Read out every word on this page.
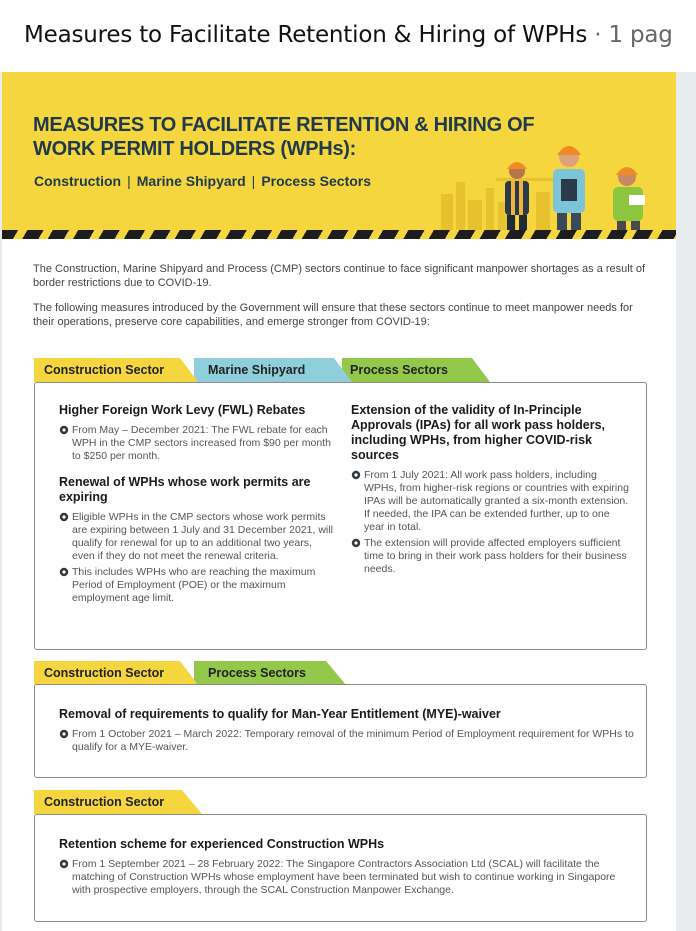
Measures to Facilitate Retention & Hiring of WPHs · 1 pag
MEASURES TO FACILITATE RETENTION & HIRING OF WORK PERMIT HOLDERS (WPHs):
Construction | Marine Shipyard | Process Sectors

The Construction, Marine Shipyard and Process (CMP) sectors continue to face significant manpower shortages as a result of border restrictions due to COVID-19.

The following measures introduced by the Government will ensure that these sectors continue to meet manpower needs for their operations, preserve core capabilities, and emerge stronger from COVID-19:

Construction Sector	Marine Shipyard	Process Sectors
Higher Foreign Work Levy (FWL) Rebates
From May – December 2021: The FWL rebate for each WPH in the CMP sectors increased from $90 per month to $250 per month.
Renewal of WPHs whose work permits are expiring
Eligible WPHs in the CMP sectors whose work permits are expiring between 1 July and 31 December 2021, will qualify for renewal for up to an additional two years, even if they do not meet the renewal criteria.
This includes WPHs who are reaching the maximum Period of Employment (POE) or the maximum employment age limit.
Extension of the validity of In-Principle Approvals (IPAs) for all work pass holders, including WPHs, from higher COVID-risk sources
From 1 July 2021: All work pass holders, including WPHs, from higher-risk regions or countries with expiring IPAs will be automatically granted a six-month extension. If needed, the IPA can be extended further, up to one year in total.
The extension will provide affected employers sufficient time to bring in their work pass holders for their business needs.
Construction Sector	Process Sectors
Removal of requirements to qualify for Man-Year Entitlement (MYE)-waiver
From 1 October 2021 – March 2022: Temporary removal of the minimum Period of Employment requirement for WPHs to qualify for a MYE-waiver.
Construction Sector
Retention scheme for experienced Construction WPHs
From 1 September 2021 – 28 February 2022: The Singapore Contractors Association Ltd (SCAL) will facilitate the matching of Construction WPHs whose employment have been terminated but wish to continue working in Singapore with prospective employers, through the SCAL Construction Manpower Exchange.
